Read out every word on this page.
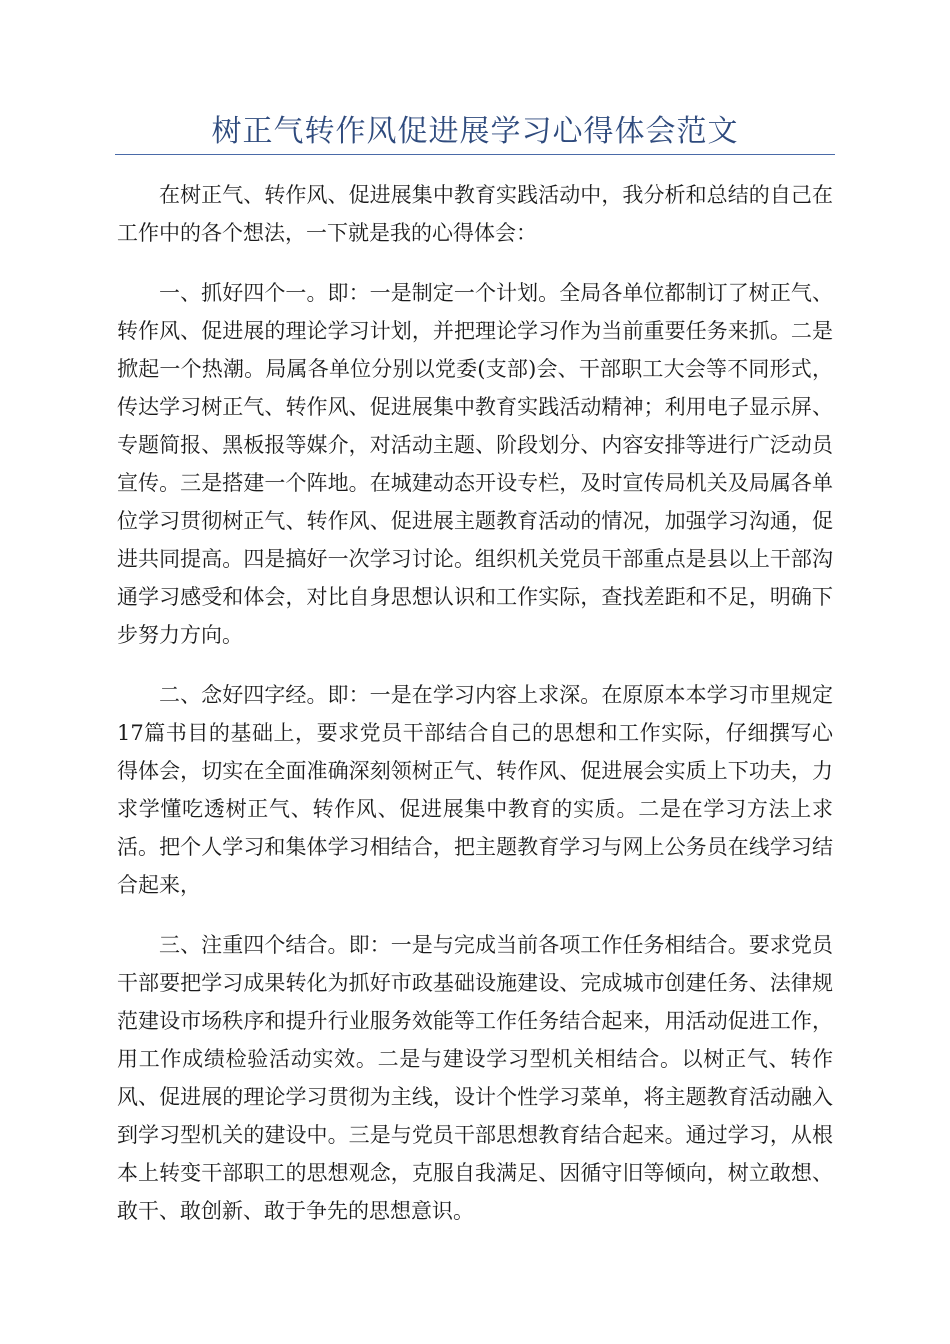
树正气转作风促进展学习心得体会范文

在树正气、转作风、促进展集中教育实践活动中，我分析和总结的自己在工作中的各个想法，一下就是我的心得体会：

一、抓好四个一。即：一是制定一个计划。全局各单位都制订了树正气、转作风、促进展的理论学习计划，并把理论学习作为当前重要任务来抓。二是掀起一个热潮。局属各单位分别以党委(支部)会、干部职工大会等不同形式，传达学习树正气、转作风、促进展集中教育实践活动精神；利用电子显示屏、专题简报、黑板报等媒介，对活动主题、阶段划分、内容安排等进行广泛动员宣传。三是搭建一个阵地。在城建动态开设专栏，及时宣传局机关及局属各单位学习贯彻树正气、转作风、促进展主题教育活动的情况，加强学习沟通，促进共同提高。四是搞好一次学习讨论。组织机关党员干部重点是县以上干部沟通学习感受和体会，对比自身思想认识和工作实际，查找差距和不足，明确下步努力方向。

二、念好四字经。即：一是在学习内容上求深。在原原本本学习市里规定17篇书目的基础上，要求党员干部结合自己的思想和工作实际，仔细撰写心得体会，切实在全面准确深刻领树正气、转作风、促进展会实质上下功夫，力求学懂吃透树正气、转作风、促进展集中教育的实质。二是在学习方法上求活。把个人学习和集体学习相结合，把主题教育学习与网上公务员在线学习结合起来，

三、注重四个结合。即：一是与完成当前各项工作任务相结合。要求党员干部要把学习成果转化为抓好市政基础设施建设、完成城市创建任务、法律规范建设市场秩序和提升行业服务效能等工作任务结合起来，用活动促进工作，用工作成绩检验活动实效。二是与建设学习型机关相结合。以树正气、转作风、促进展的理论学习贯彻为主线，设计个性学习菜单，将主题教育活动融入到学习型机关的建设中。三是与党员干部思想教育结合起来。通过学习，从根本上转变干部职工的思想观念，克服自我满足、因循守旧等倾向，树立敢想、敢干、敢创新、敢于争先的思想意识。
